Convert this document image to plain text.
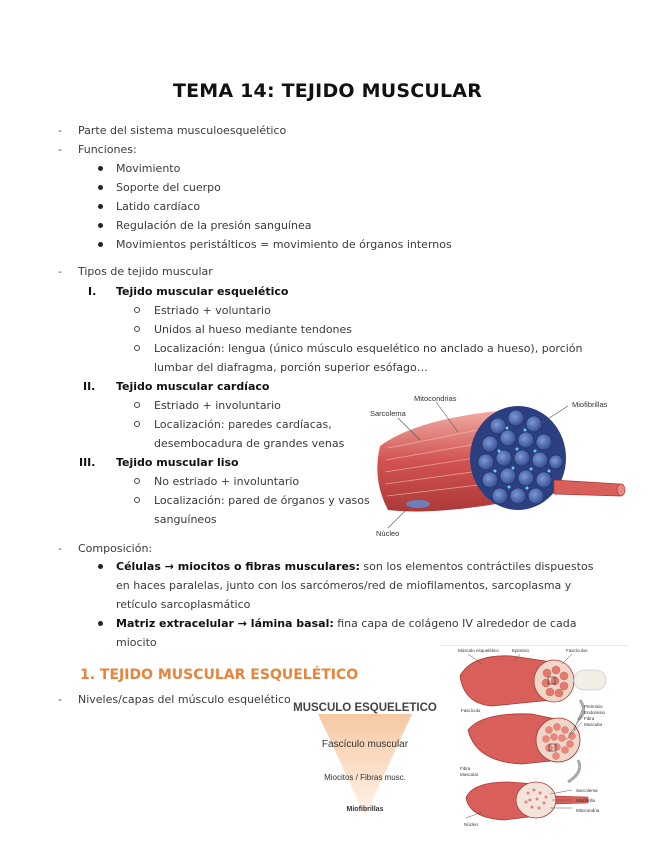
TEMA 14: TEJIDO MUSCULAR
- Parte del sistema musculoesquelético
- Funciones:
Movimiento
Soporte del cuerpo
Latido cardíaco
Regulación de la presión sanguínea
Movimientos peristálticos = movimiento de órganos internos
- Tipos de tejido muscular
I. Tejido muscular esquelético
Estriado + voluntario
Unidos al hueso mediante tendones
Localización: lengua (único músculo esquelético no anclado a hueso), porción
lumbar del diafragma, porción superior esófago…
II. Tejido muscular cardíaco
Estriado + involuntario
Localización: paredes cardíacas,
desembocadura de grandes venas
III. Tejido muscular liso
No estriado + involuntario
Localización: pared de órganos y vasos
sanguíneos
Sarcolema
Mitocondrias
Miofibrillas
Núcleo
- Composición:
Células → miocitos o fibras musculares: son los elementos contráctiles dispuestos
en haces paralelas, junto con los sarcómeros/red de miofilamentos, sarcoplasma y
retículo sarcoplasmático
Matriz extracelular → lámina basal: fina capa de colágeno IV alrededor de cada
miocito
1. TEJIDO MUSCULAR ESQUELÉTICO
- Niveles/capas del músculo esquelético
MUSCULO ESQUELETICO
Fascículo muscular
Miocitos / Fibras musc.
Miofibrillas
Músculo esquelético	Epimisio	Fascículos
Fascículo
Perimisio
Endomisio
Fibra
Muscular
Fibra
Muscular
Sarcolema
Miofibrilla
Mitocondria
Núcleo
